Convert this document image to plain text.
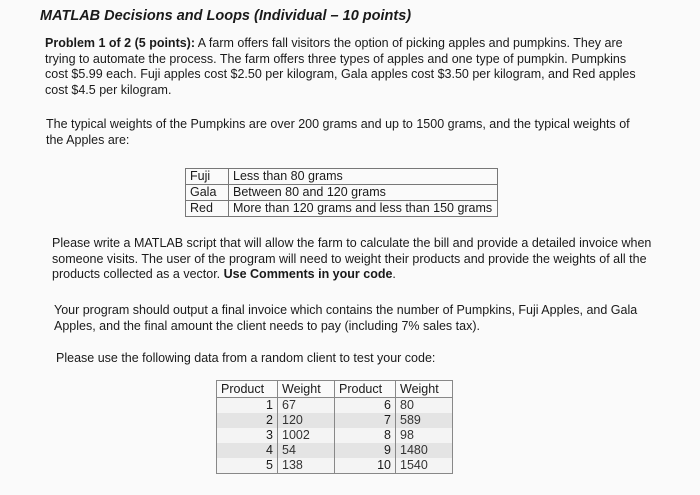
MATLAB Decisions and Loops (Individual – 10 points)
Problem 1 of 2 (5 points): A farm offers fall visitors the option of picking apples and pumpkins. They are trying to automate the process. The farm offers three types of apples and one type of pumpkin. Pumpkins cost $5.99 each. Fuji apples cost $2.50 per kilogram, Gala apples cost $3.50 per kilogram, and Red apples cost $4.5 per kilogram.
The typical weights of the Pumpkins are over 200 grams and up to 1500 grams, and the typical weights of the Apples are:
Fuji	Less than 80 grams
Gala	Between 80 and 120 grams
Red	More than 120 grams and less than 150 grams
Please write a MATLAB script that will allow the farm to calculate the bill and provide a detailed invoice when someone visits. The user of the program will need to weight their products and provide the weights of all the products collected as a vector. Use Comments in your code.
Your program should output a final invoice which contains the number of Pumpkins, Fuji Apples, and Gala Apples, and the final amount the client needs to pay (including 7% sales tax).
Please use the following data from a random client to test your code:
Product	Weight	Product	Weight
1	67	6	80
2	120	7	589
3	1002	8	98
4	54	9	1480
5	138	10	1540
